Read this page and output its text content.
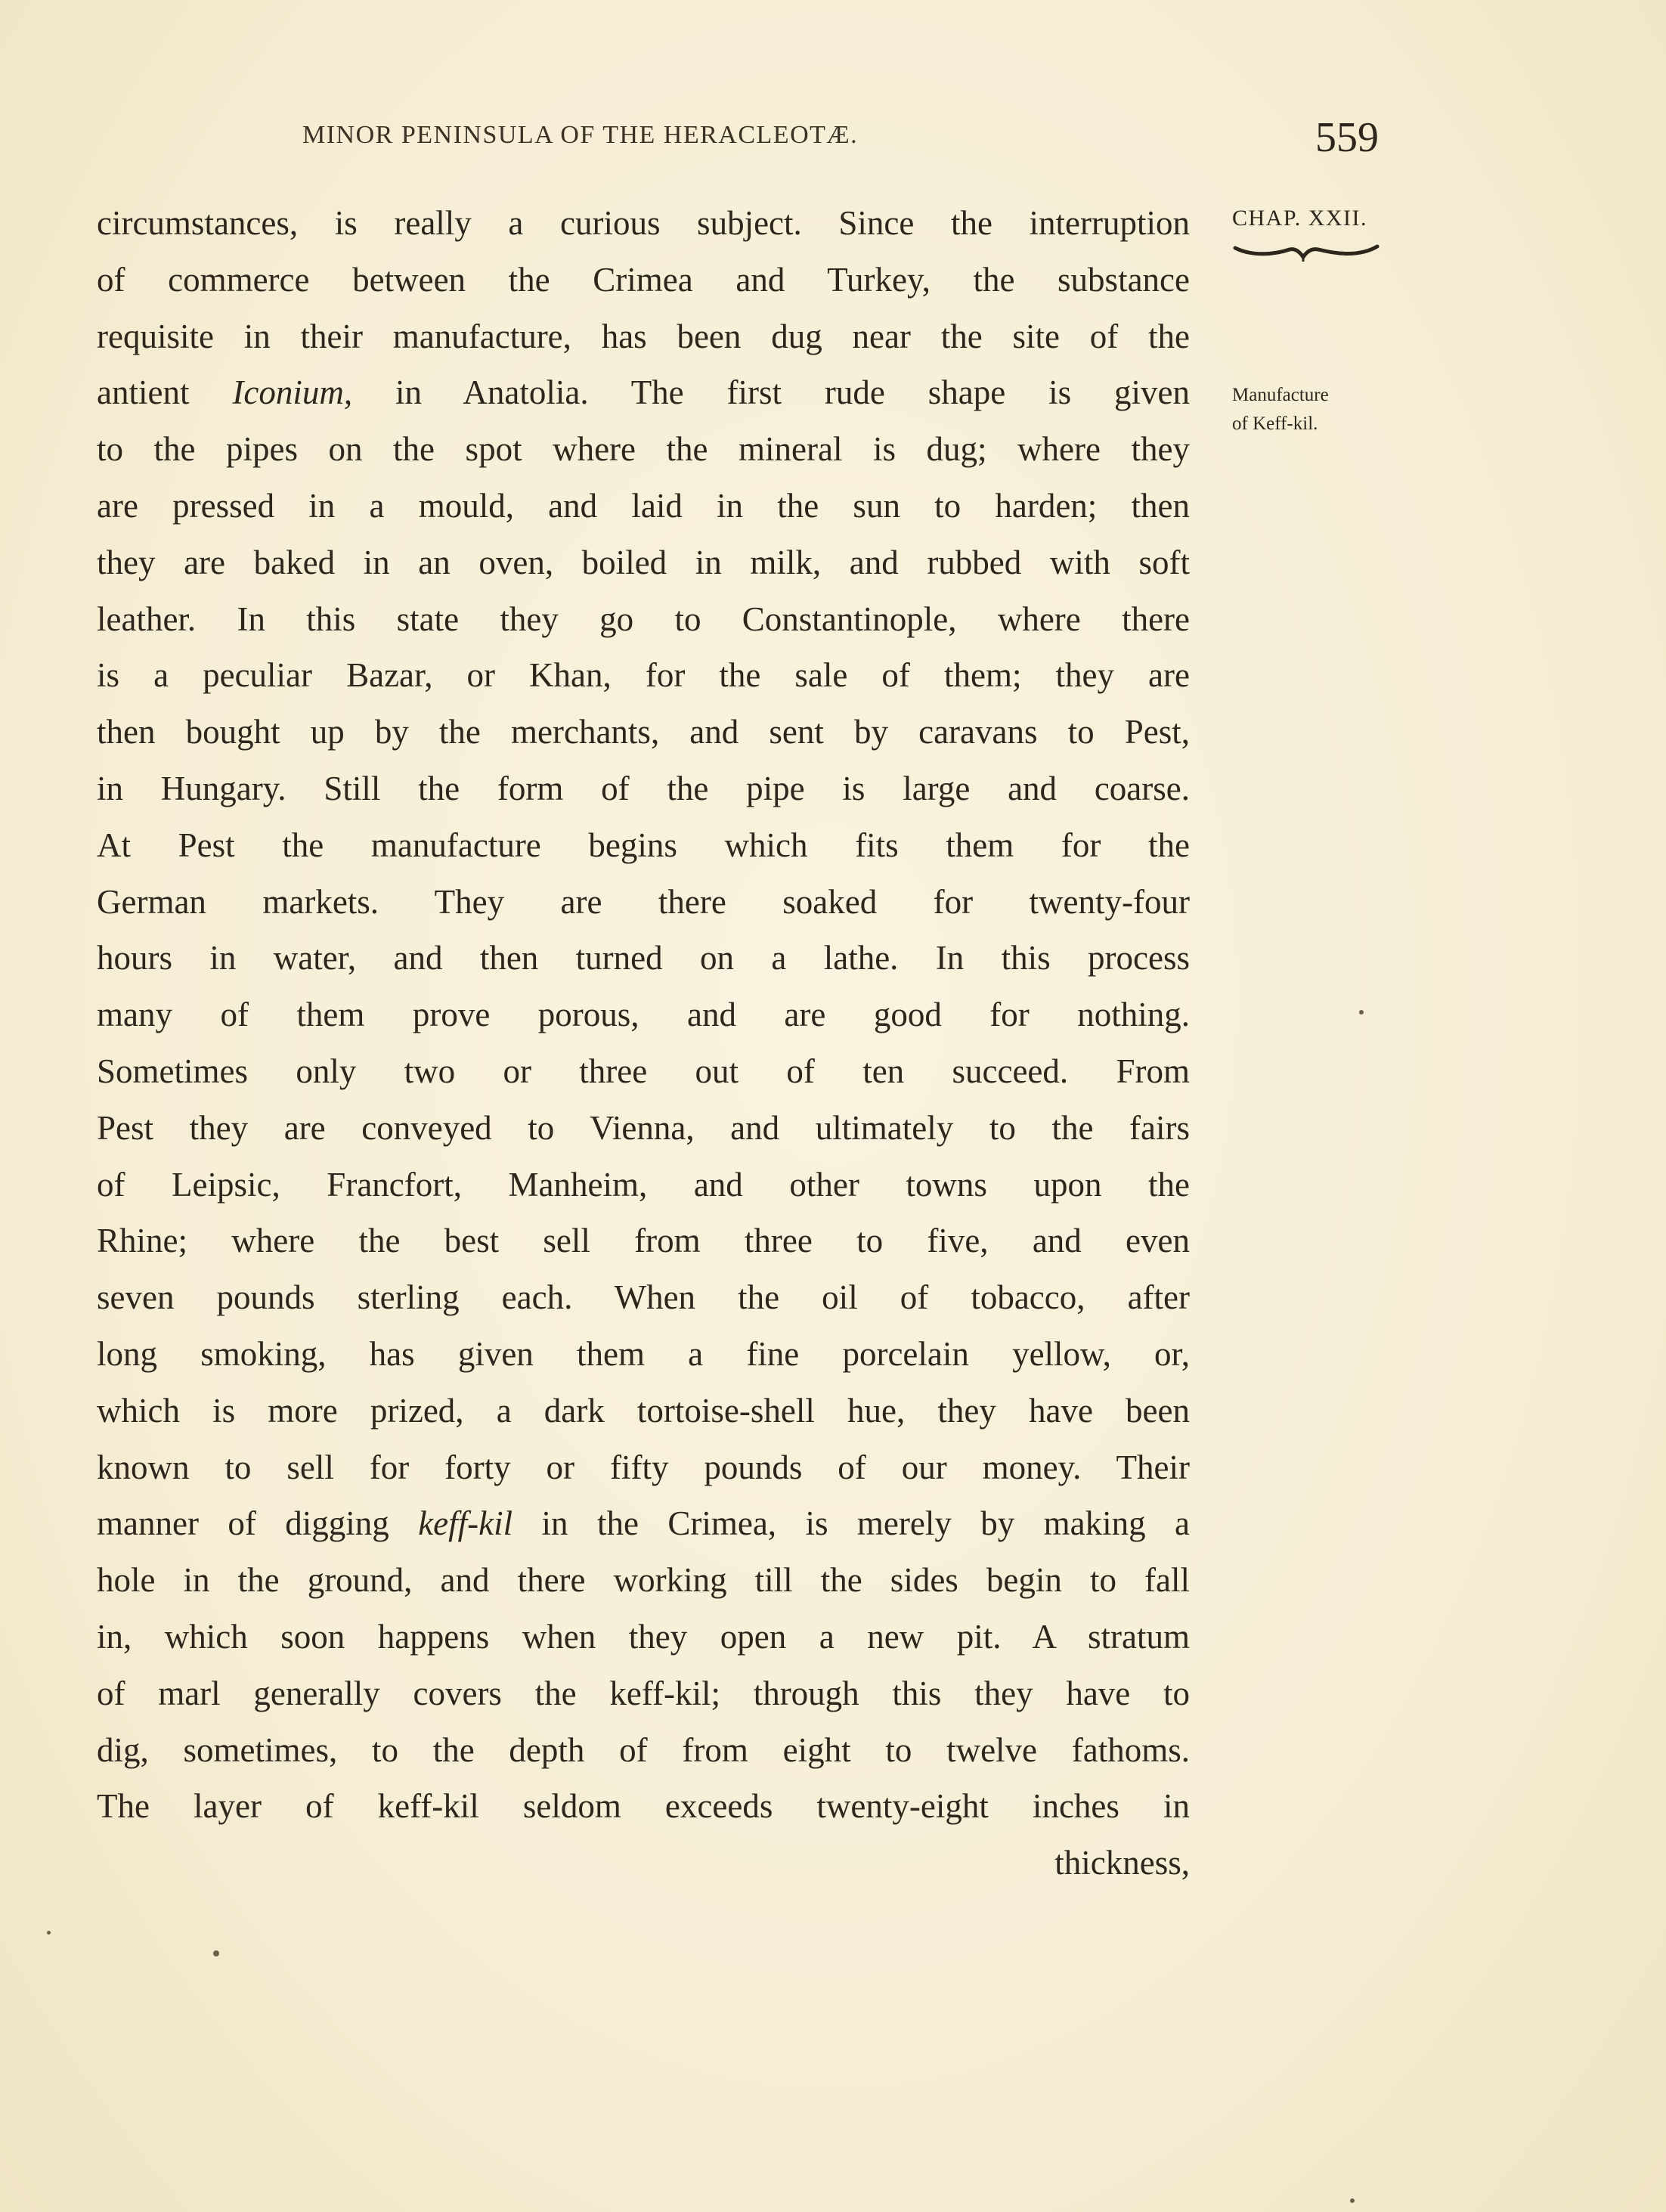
MINOR PENINSULA OF THE HERACLEOTÆ.	559
CHAP. XXII.
Manufacture
of Keff-kil.
circumstances, is really a curious subject. Since the interruption
of commerce between the Crimea and Turkey, the substance
requisite in their manufacture, has been dug near the site of the
antient Iconium, in Anatolia. The first rude shape is given
to the pipes on the spot where the mineral is dug; where they
are pressed in a mould, and laid in the sun to harden; then
they are baked in an oven, boiled in milk, and rubbed with soft
leather. In this state they go to Constantinople, where there
is a peculiar Bazar, or Khan, for the sale of them; they are
then bought up by the merchants, and sent by caravans to Pest,
in Hungary. Still the form of the pipe is large and coarse.
At Pest the manufacture begins which fits them for the
German markets. They are there soaked for twenty-four
hours in water, and then turned on a lathe. In this process
many of them prove porous, and are good for nothing.
Sometimes only two or three out of ten succeed. From
Pest they are conveyed to Vienna, and ultimately to the fairs
of Leipsic, Francfort, Manheim, and other towns upon the
Rhine; where the best sell from three to five, and even
seven pounds sterling each. When the oil of tobacco, after
long smoking, has given them a fine porcelain yellow, or,
which is more prized, a dark tortoise-shell hue, they have been
known to sell for forty or fifty pounds of our money. Their
manner of digging keff-kil in the Crimea, is merely by making a
hole in the ground, and there working till the sides begin to fall
in, which soon happens when they open a new pit. A stratum
of marl generally covers the keff-kil; through this they have to
dig, sometimes, to the depth of from eight to twelve fathoms.
The layer of keff-kil seldom exceeds twenty-eight inches in
thickness,
